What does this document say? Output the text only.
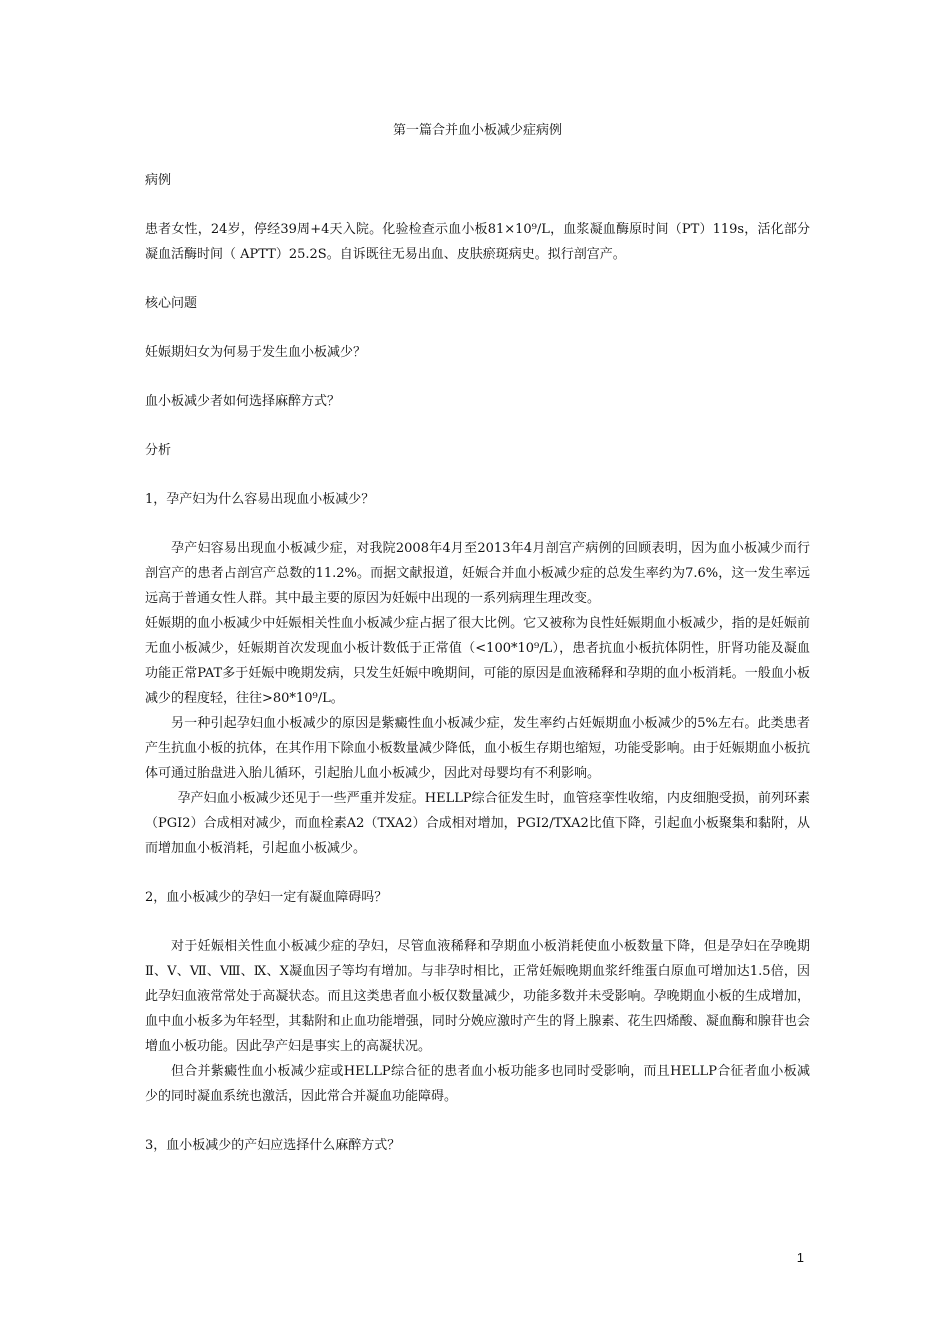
第一篇合并血小板减少症病例
病例
患者女性，24岁，停经39周+4天入院。化验检查示血小板81×10⁹/L，血浆凝血酶原时间（PT）119s，活化部分凝血活酶时间（ APTT）25.2S。自诉既往无易出血、皮肤瘀斑病史。拟行剖宫产。
核心问题
妊娠期妇女为何易于发生血小板减少？
血小板减少者如何选择麻醉方式？
分析
1，孕产妇为什么容易出现血小板减少？
孕产妇容易出现血小板减少症，对我院2008年4月至2013年4月剖宫产病例的回顾表明，因为血小板减少而行剖宫产的患者占剖宫产总数的11.2%。而据文献报道，妊娠合并血小板减少症的总发生率约为7.6%，这一发生率远远高于普通女性人群。其中最主要的原因为妊娠中出现的一系列病理生理改变。
妊娠期的血小板减少中妊娠相关性血小板减少症占据了很大比例。它又被称为良性妊娠期血小板减少，指的是妊娠前无血小板减少，妊娠期首次发现血小板计数低于正常值（<100*10⁹/L），患者抗血小板抗体阴性，肝肾功能及凝血功能正常PAT多于妊娠中晚期发病，只发生妊娠中晚期间，可能的原因是血液稀释和孕期的血小板消耗。一般血小板减少的程度轻，往往>80*10⁹/L。
另一种引起孕妇血小板减少的原因是紫癜性血小板减少症，发生率约占妊娠期血小板减少的5%左右。此类患者产生抗血小板的抗体，在其作用下除血小板数量减少降低，血小板生存期也缩短，功能受影响。由于妊娠期血小板抗体可通过胎盘进入胎儿循环，引起胎儿血小板减少，因此对母婴均有不利影响。
孕产妇血小板减少还见于一些严重并发症。HELLP综合征发生时，血管痉挛性收缩，内皮细胞受损，前列环素（PGI2）合成相对减少，而血栓素A2（TXA2）合成相对增加，PGI2/TXA2比值下降，引起血小板聚集和黏附，从而增加血小板消耗，引起血小板减少。
2，血小板减少的孕妇一定有凝血障碍吗？
对于妊娠相关性血小板减少症的孕妇，尽管血液稀释和孕期血小板消耗使血小板数量下降，但是孕妇在孕晚期Ⅱ、Ⅴ、Ⅶ、Ⅷ、Ⅸ、Ⅹ凝血因子等均有增加。与非孕时相比，正常妊娠晚期血浆纤维蛋白原血可增加达1.5倍，因此孕妇血液常常处于高凝状态。而且这类患者血小板仅数量减少，功能多数并未受影响。孕晚期血小板的生成增加，血中血小板多为年轻型，其黏附和止血功能增强，同时分娩应激时产生的肾上腺素、花生四烯酸、凝血酶和腺苷也会增血小板功能。因此孕产妇是事实上的高凝状况。
但合并紫癜性血小板减少症或HELLP综合征的患者血小板功能多也同时受影响，而且HELLP合征者血小板减少的同时凝血系统也激活，因此常合并凝血功能障碍。
3，血小板减少的产妇应选择什么麻醉方式？
1
